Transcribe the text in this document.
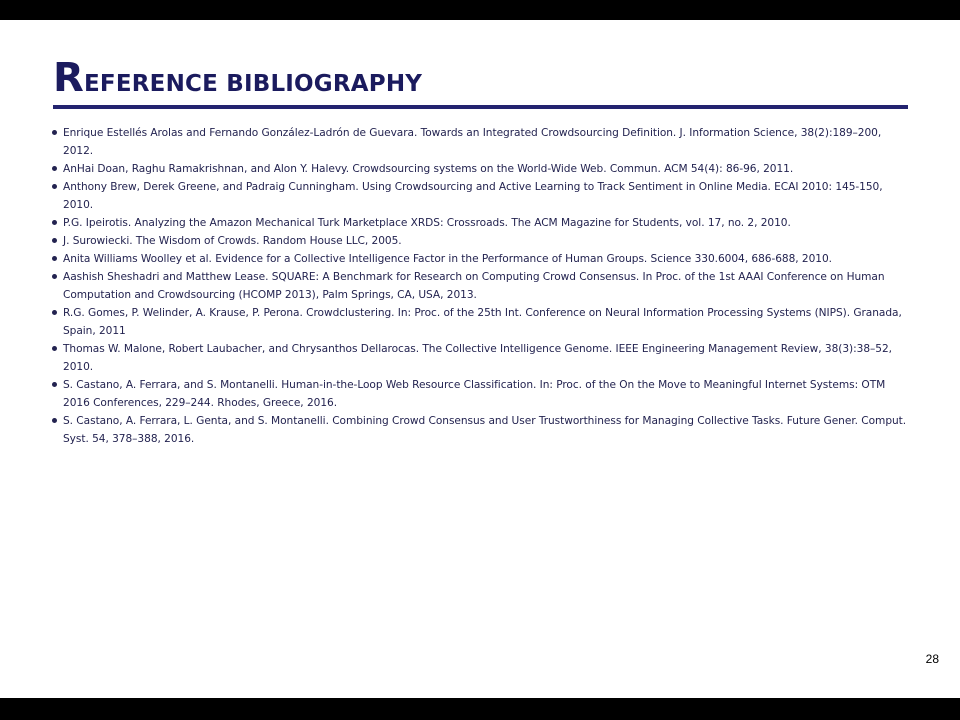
REFERENCE BIBLIOGRAPHY
Enrique Estellés Arolas and Fernando González-Ladrón de Guevara. Towards an Integrated Crowdsourcing Definition. J. Information Science, 38(2):189–200, 2012.
AnHai Doan, Raghu Ramakrishnan, and Alon Y. Halevy. Crowdsourcing systems on the World-Wide Web. Commun. ACM 54(4): 86-96, 2011.
Anthony Brew, Derek Greene, and Padraig Cunningham. Using Crowdsourcing and Active Learning to Track Sentiment in Online Media. ECAI 2010: 145-150, 2010.
P.G. Ipeirotis. Analyzing the Amazon Mechanical Turk Marketplace XRDS: Crossroads. The ACM Magazine for Students, vol. 17, no. 2, 2010.
J. Surowiecki. The Wisdom of Crowds. Random House LLC, 2005.
Anita Williams Woolley et al. Evidence for a Collective Intelligence Factor in the Performance of Human Groups. Science 330.6004, 686-688, 2010.
Aashish Sheshadri and Matthew Lease. SQUARE: A Benchmark for Research on Computing Crowd Consensus. In Proc. of the 1st AAAI Conference on Human Computation and Crowdsourcing (HCOMP 2013), Palm Springs, CA, USA, 2013.
R.G. Gomes, P. Welinder, A. Krause, P. Perona. Crowdclustering. In: Proc. of the 25th Int. Conference on Neural Information Processing Systems (NIPS). Granada, Spain, 2011
Thomas W. Malone, Robert Laubacher, and Chrysanthos Dellarocas. The Collective Intelligence Genome. IEEE Engineering Management Review, 38(3):38–52, 2010.
S. Castano, A. Ferrara, and S. Montanelli. Human-in-the-Loop Web Resource Classification. In: Proc. of the On the Move to Meaningful Internet Systems: OTM 2016 Conferences, 229–244. Rhodes, Greece, 2016.
S. Castano, A. Ferrara, L. Genta, and S. Montanelli. Combining Crowd Consensus and User Trustworthiness for Managing Collective Tasks. Future Gener. Comput. Syst. 54, 378–388, 2016.
28
